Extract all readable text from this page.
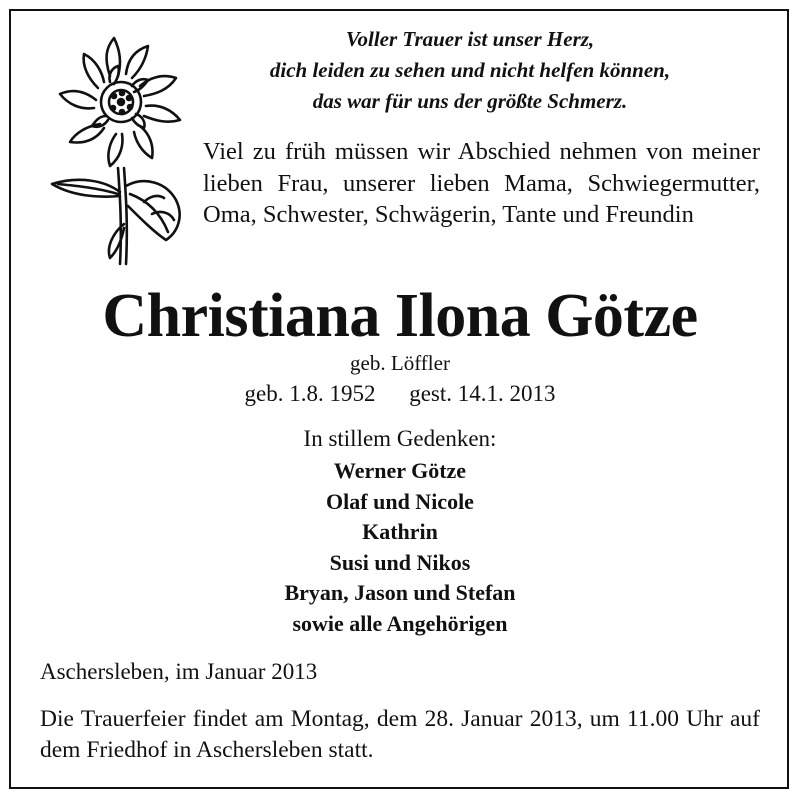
Voller Trauer ist unser Herz,
dich leiden zu sehen und nicht helfen können,
das war für uns der größte Schmerz.
Viel zu früh müssen wir Abschied nehmen von meiner lieben Frau, unserer lieben Mama, Schwiegermutter, Oma, Schwester, Schwägerin, Tante und Freundin
Christiana Ilona Götze
geb. Löffler
geb. 1.8. 1952 gest. 14.1. 2013
In stillem Gedenken:
Werner Götze
Olaf und Nicole
Kathrin
Susi und Nikos
Bryan, Jason und Stefan
sowie alle Angehörigen
Aschersleben, im Januar 2013
Die Trauerfeier findet am Montag, dem 28. Januar 2013, um 11.00 Uhr auf dem Friedhof in Aschersleben statt.
